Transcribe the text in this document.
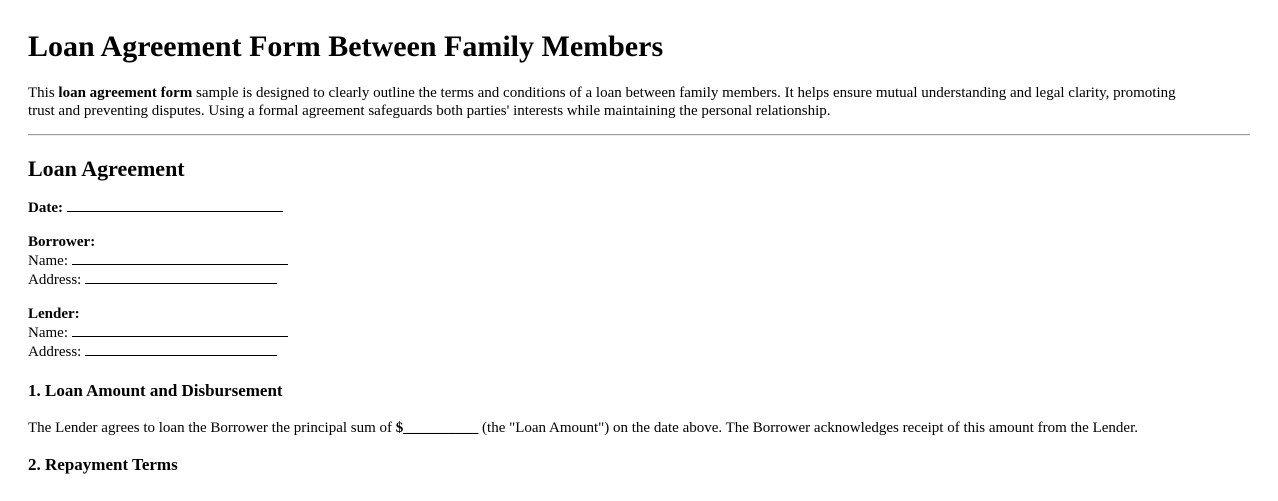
Loan Agreement Form Between Family Members

This loan agreement form sample is designed to clearly outline the terms and conditions of a loan between family members. It helps ensure mutual understanding and legal clarity, promoting trust and preventing disputes. Using a formal agreement safeguards both parties' interests while maintaining the personal relationship.

Loan Agreement
Date:
Borrower:
Name:
Address:
Lender:
Name:
Address:
1. Loan Amount and Disbursement

The Lender agrees to loan the Borrower the principal sum of $__________ (the "Loan Amount") on the date above. The Borrower acknowledges receipt of this amount from the Lender.

2. Repayment Terms
